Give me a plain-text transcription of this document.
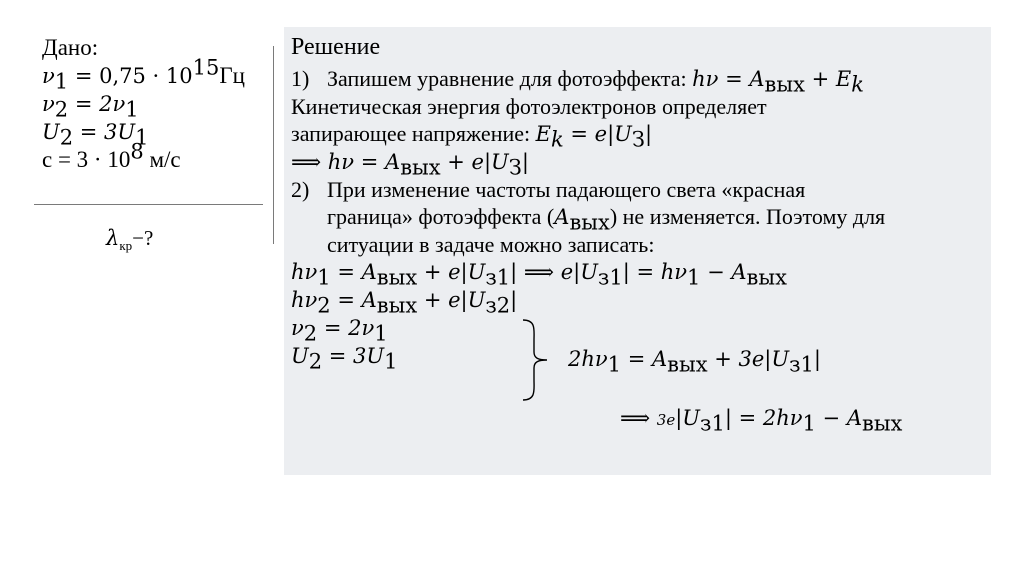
Дано:
$\nu_1 = 0,75 \cdot 10^{15}Гц$
$\nu_2 = 2\nu_1$
$U_2 = 3U_1$
$c = 3 \cdot 10^8$ м/с
$\lambda_{кр}-$?
Решение
1) Запишем уравнение для фотоэффекта: $h\nu = A_{вых} + E_k$
Кинетическая энергия фотоэлектронов определяет
запирающее напряжение: $E_k = e|U_З|$
⟹ $h\nu = A_{вых} + e|U_З|$
2) При изменение частоты падающего света «красная
граница» фотоэффекта $(A_{вых})$ не изменяется. Поэтому для
ситуации в задаче можно записать:
$h\nu_1 = A_{вых} + e|U_{з1}|$ ⟹ $e|U_{з1}| = h\nu_1 - A_{вых}$
$h\nu_2 = A_{вых} + e|U_{з2}|$
$\nu_2 = 2\nu_1$
$U_2 = 3U_1$	$2h\nu_1 = A_{вых} + 3e|U_{з1}|$
⟹ $3e|U_{з1}| = 2h\nu_1 - A_{вых}$
